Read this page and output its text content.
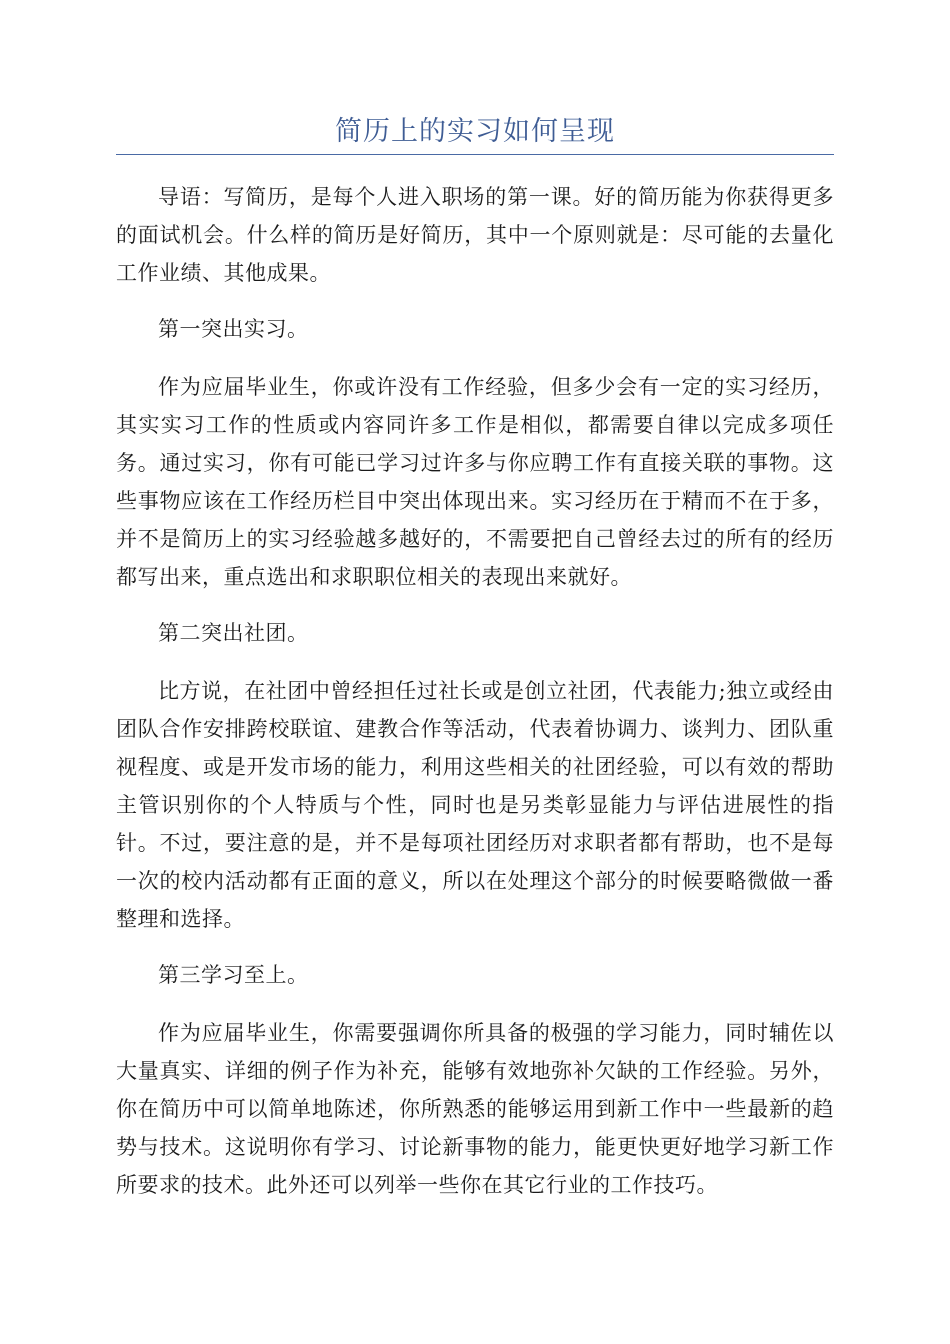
简历上的实习如何呈现

导语：写简历，是每个人进入职场的第一课。好的简历能为你获得更多的面试机会。什么样的简历是好简历，其中一个原则就是：尽可能的去量化工作业绩、其他成果。

第一突出实习。

作为应届毕业生，你或许没有工作经验，但多少会有一定的实习经历，其实实习工作的性质或内容同许多工作是相似，都需要自律以完成多项任务。通过实习，你有可能已学习过许多与你应聘工作有直接关联的事物。这些事物应该在工作经历栏目中突出体现出来。实习经历在于精而不在于多，并不是简历上的实习经验越多越好的，不需要把自己曾经去过的所有的经历都写出来，重点选出和求职职位相关的表现出来就好。

第二突出社团。

比方说，在社团中曾经担任过社长或是创立社团，代表能力;独立或经由团队合作安排跨校联谊、建教合作等活动，代表着协调力、谈判力、团队重视程度、或是开发市场的能力，利用这些相关的社团经验，可以有效的帮助主管识别你的个人特质与个性，同时也是另类彰显能力与评估进展性的指针。不过，要注意的是，并不是每项社团经历对求职者都有帮助，也不是每一次的校内活动都有正面的意义，所以在处理这个部分的时候要略微做一番整理和选择。

第三学习至上。

作为应届毕业生，你需要强调你所具备的极强的学习能力，同时辅佐以大量真实、详细的例子作为补充，能够有效地弥补欠缺的工作经验。另外，你在简历中可以简单地陈述，你所熟悉的能够运用到新工作中一些最新的趋势与技术。这说明你有学习、讨论新事物的能力，能更快更好地学习新工作所要求的技术。此外还可以列举一些你在其它行业的工作技巧。
